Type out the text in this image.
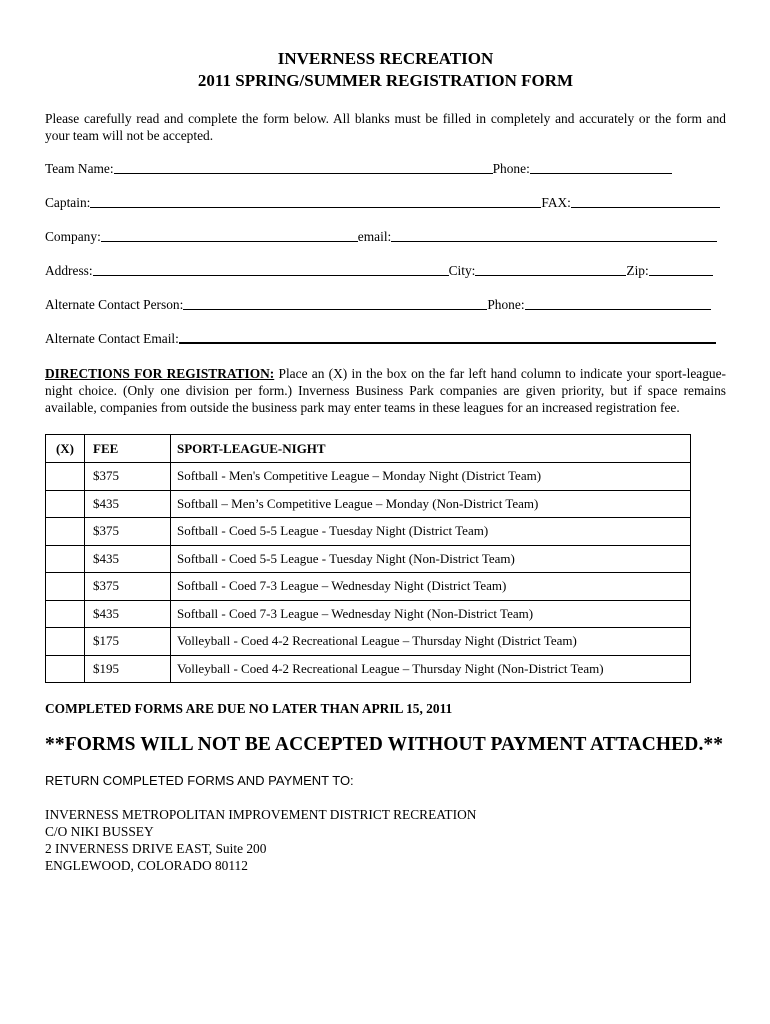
INVERNESS RECREATION
2011 SPRING/SUMMER REGISTRATION FORM
Please carefully read and complete the form below. All blanks must be filled in completely and accurately or the form and your team will not be accepted.
Team Name:	Phone:
Captain:	FAX:
Company:	email:
Address:	City:	Zip:
Alternate Contact Person:	Phone:
Alternate Contact Email:
DIRECTIONS FOR REGISTRATION: Place an (X) in the box on the far left hand column to indicate your sport-league-night choice. (Only one division per form.) Inverness Business Park companies are given priority, but if space remains available, companies from outside the business park may enter teams in these leagues for an increased registration fee.
(X)	FEE	SPORT-LEAGUE-NIGHT
	$375	Softball - Men's Competitive League – Monday Night (District Team)
	$435	Softball – Men’s Competitive League – Monday (Non-District Team)
	$375	Softball - Coed 5-5 League - Tuesday Night (District Team)
	$435	Softball - Coed 5-5 League - Tuesday Night (Non-District Team)
	$375	Softball - Coed 7-3 League – Wednesday Night (District Team)
	$435	Softball - Coed 7-3 League – Wednesday Night (Non-District Team)
	$175	Volleyball - Coed 4-2 Recreational League – Thursday Night (District Team)
	$195	Volleyball - Coed 4-2 Recreational League – Thursday Night (Non-District Team)
COMPLETED FORMS ARE DUE NO LATER THAN APRIL 15, 2011
**FORMS WILL NOT BE ACCEPTED WITHOUT PAYMENT ATTACHED.**
RETURN COMPLETED FORMS AND PAYMENT TO:
INVERNESS METROPOLITAN IMPROVEMENT DISTRICT RECREATION
C/O NIKI BUSSEY
2 INVERNESS DRIVE EAST, Suite 200
ENGLEWOOD, COLORADO 80112
